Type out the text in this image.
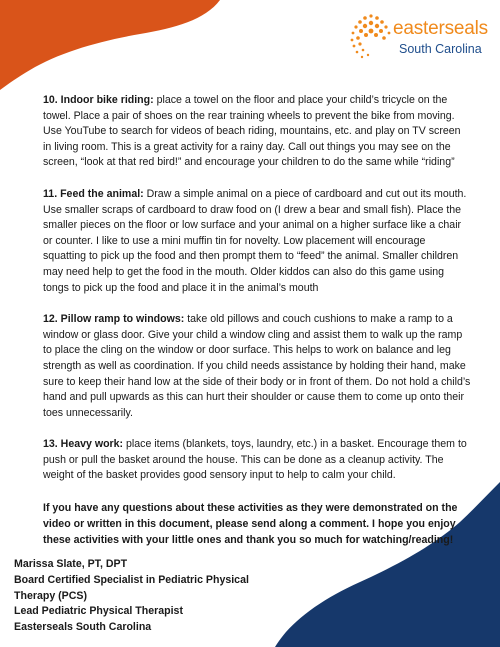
easterseals
South Carolina

10. Indoor bike riding: place a towel on the floor and place your child’s tricycle on the towel. Place a pair of shoes on the rear training wheels to prevent the bike from moving. Use YouTube to search for videos of beach riding, mountains, etc. and play on TV screen in living room. This is a great activity for a rainy day. Call out things you may see on the screen, “look at that red bird!” and encourage your children to do the same while “riding”

11. Feed the animal: Draw a simple animal on a piece of cardboard and cut out its mouth. Use smaller scraps of cardboard to draw food on (I drew a bear and small fish). Place the smaller pieces on the floor or low surface and your animal on a higher surface like a chair or counter. I like to use a mini muffin tin for novelty. Low placement will encourage squatting to pick up the food and then prompt them to “feed” the animal. Smaller children may need help to get the food in the mouth. Older kiddos can also do this game using tongs to pick up the food and place it in the animal’s mouth

12. Pillow ramp to windows: take old pillows and couch cushions to make a ramp to a window or glass door. Give your child a window cling and assist them to walk up the ramp to place the cling on the window or door surface. This helps to work on balance and leg strength as well as coordination. If you child needs assistance by holding their hand, make sure to keep their hand low at the side of their body or in front of them. Do not hold a child’s hand and pull upwards as this can hurt their shoulder or cause them to come up onto their toes unnecessarily.

13. Heavy work: place items (blankets, toys, laundry, etc.) in a basket. Encourage them to push or pull the basket around the house. This can be done as a cleanup activity. The weight of the basket provides good sensory input to help to calm your child.

If you have any questions about these activities as they were demonstrated on the video or written in this document, please send along a comment. I hope you enjoy these activities with your little ones and thank you so much for watching/reading!

Marissa Slate, PT, DPT
Board Certified Specialist in Pediatric Physical
Therapy (PCS)
Lead Pediatric Physical Therapist
Easterseals South Carolina
